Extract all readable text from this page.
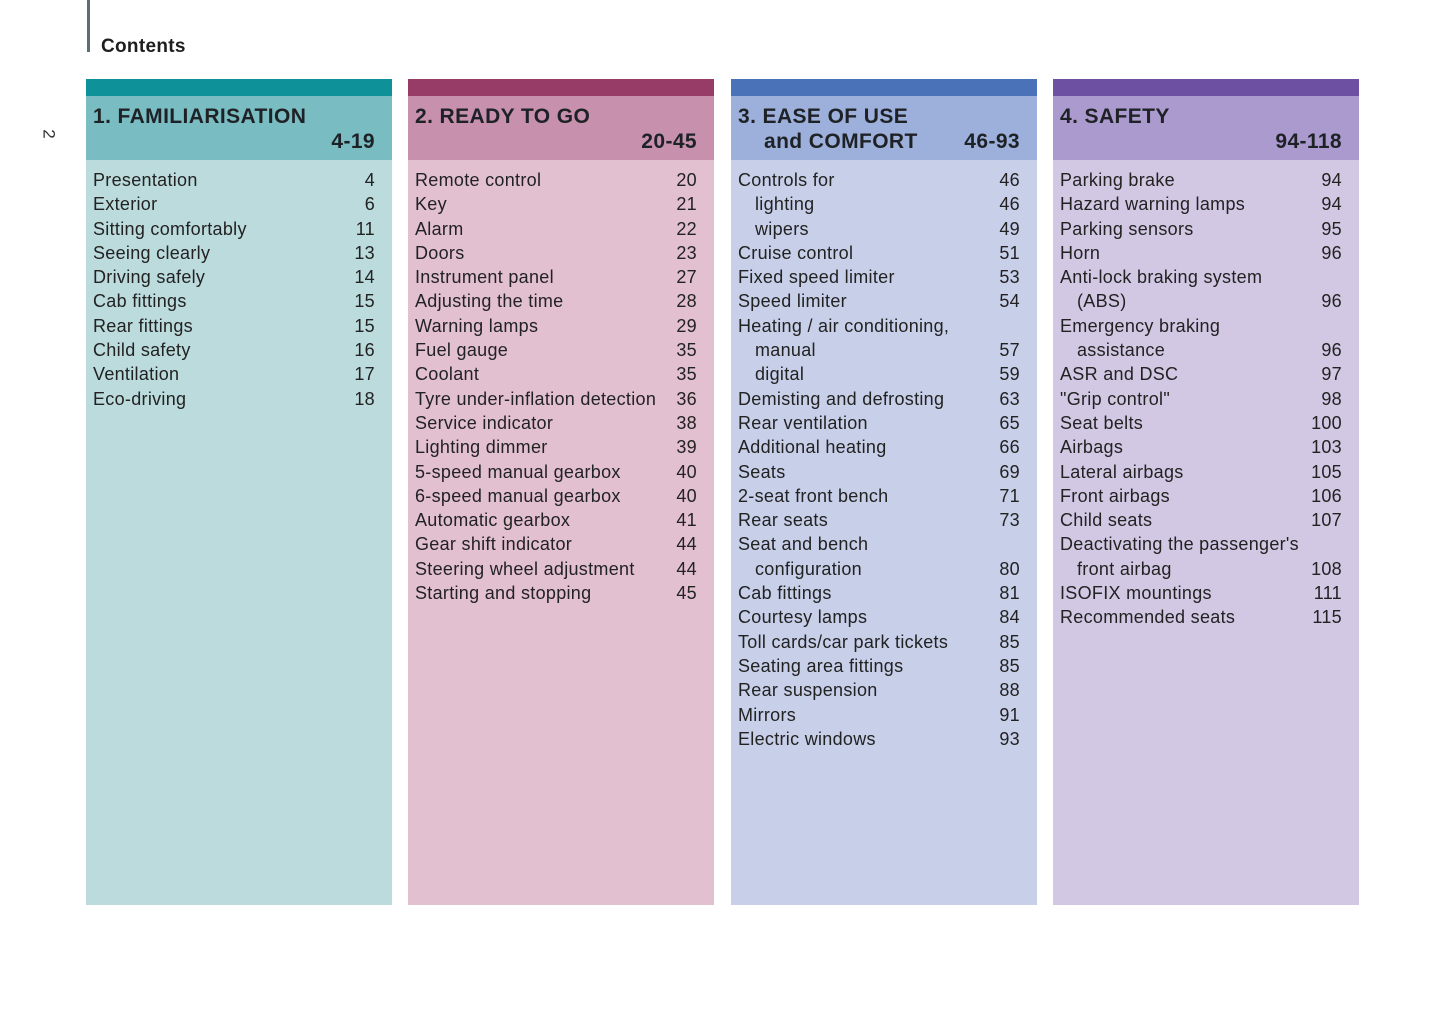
Contents
2
1. FAMILIARISATION
4-19
Presentation	4
Exterior	6
Sitting comfortably	11
Seeing clearly	13
Driving safely	14
Cab fittings	15
Rear fittings	15
Child safety	16
Ventilation	17
Eco-driving	18
2. READY TO GO
20-45
Remote control	20
Key	21
Alarm	22
Doors	23
Instrument panel	27
Adjusting the time	28
Warning lamps	29
Fuel gauge	35
Coolant	35
Tyre under-inflation detection	36
Service indicator	38
Lighting dimmer	39
5-speed manual gearbox	40
6-speed manual gearbox	40
Automatic gearbox	41
Gear shift indicator	44
Steering wheel adjustment	44
Starting and stopping	45
3. EASE OF USE
and COMFORT 46-93
Controls for	46
lighting	46
wipers	49
Cruise control	51
Fixed speed limiter	53
Speed limiter	54
Heating / air conditioning,
manual	57
digital	59
Demisting and defrosting	63
Rear ventilation	65
Additional heating	66
Seats	69
2-seat front bench	71
Rear seats	73
Seat and bench
configuration	80
Cab fittings	81
Courtesy lamps	84
Toll cards/car park tickets	85
Seating area fittings	85
Rear suspension	88
Mirrors	91
Electric windows	93
4. SAFETY
94-118
Parking brake	94
Hazard warning lamps	94
Parking sensors	95
Horn	96
Anti-lock braking system
(ABS)	96
Emergency braking
assistance	96
ASR and DSC	97
"Grip control"	98
Seat belts	100
Airbags	103
Lateral airbags	105
Front airbags	106
Child seats	107
Deactivating the passenger's
front airbag	108
ISOFIX mountings	111
Recommended seats	115
